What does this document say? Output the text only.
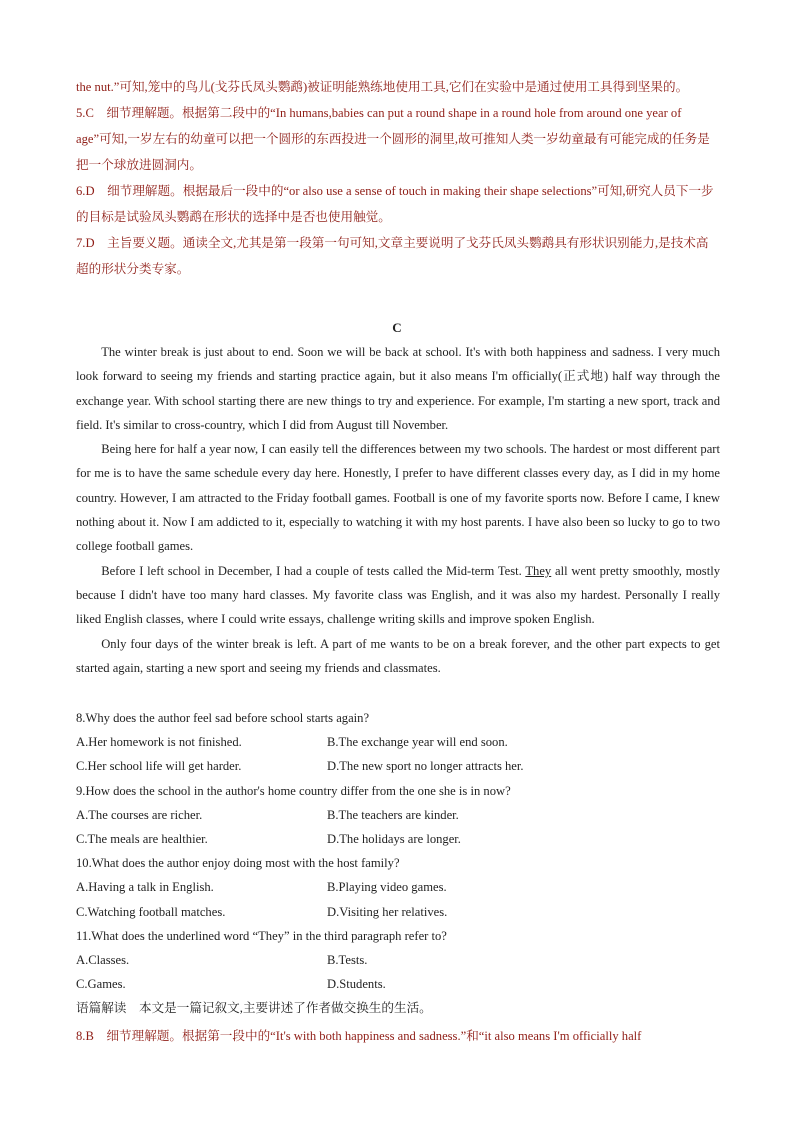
the nut.”可知,笼中的鸟儿(戈芬氏凤头鹦鹉)被证明能熟练地使用工具,它们在实验中是通过使用工具得到坚果的。

5.C　细节理解题。根据第二段中的“In humans,babies can put a round shape in a round hole from around one year of age”可知,一岁左右的幼童可以把一个圆形的东西投进一个圆形的洞里,故可推知人类一岁幼童最有可能完成的任务是把一个球放进圆洞内。

6.D　细节理解题。根据最后一段中的“or also use a sense of touch in making their shape selections”可知,研究人员下一步的目标是试验凤头鹦鹉在形状的选择中是否也使用触觉。

7.D　主旨要义题。通读全文,尤其是第一段第一句可知,文章主要说明了戈芬氏凤头鹦鹉具有形状识别能力,是技术高超的形状分类专家。

C

The winter break is just about to end. Soon we will be back at school. It's with both happiness and sadness. I very much look forward to seeing my friends and starting practice again, but it also means I'm officially(正式地) half way through the exchange year. With school starting there are new things to try and experience. For example, I'm starting a new sport, track and field. It's similar to cross-country, which I did from August till November.

Being here for half a year now, I can easily tell the differences between my two schools. The hardest or most different part for me is to have the same schedule every day here. Honestly, I prefer to have different classes every day, as I did in my home country. However, I am attracted to the Friday football games. Football is one of my favorite sports now. Before I came, I knew nothing about it. Now I am addicted to it, especially to watching it with my host parents. I have also been so lucky to go to two college football games.

Before I left school in December, I had a couple of tests called the Mid-term Test. They all went pretty smoothly, mostly because I didn't have too many hard classes. My favorite class was English, and it was also my hardest. Personally I really liked English classes, where I could write essays, challenge writing skills and improve spoken English.

Only four days of the winter break is left. A part of me wants to be on a break forever, and the other part expects to get started again, starting a new sport and seeing my friends and classmates.

8.Why does the author feel sad before school starts again?
A.Her homework is not finished.	B.The exchange year will end soon.
C.Her school life will get harder.	D.The new sport no longer attracts her.
9.How does the school in the author's home country differ from the one she is in now?
A.The courses are richer.	B.The teachers are kinder.
C.The meals are healthier.	D.The holidays are longer.
10.What does the author enjoy doing most with the host family?
A.Having a talk in English.	B.Playing video games.
C.Watching football matches.	D.Visiting her relatives.
11.What does the underlined word “They” in the third paragraph refer to?
A.Classes.	B.Tests.
C.Games.	D.Students.
语篇解读　本文是一篇记叙文,主要讲述了作者做交换生的生活。
8.B　细节理解题。根据第一段中的“It's with both happiness and sadness.”和“it also means I'm officially half
